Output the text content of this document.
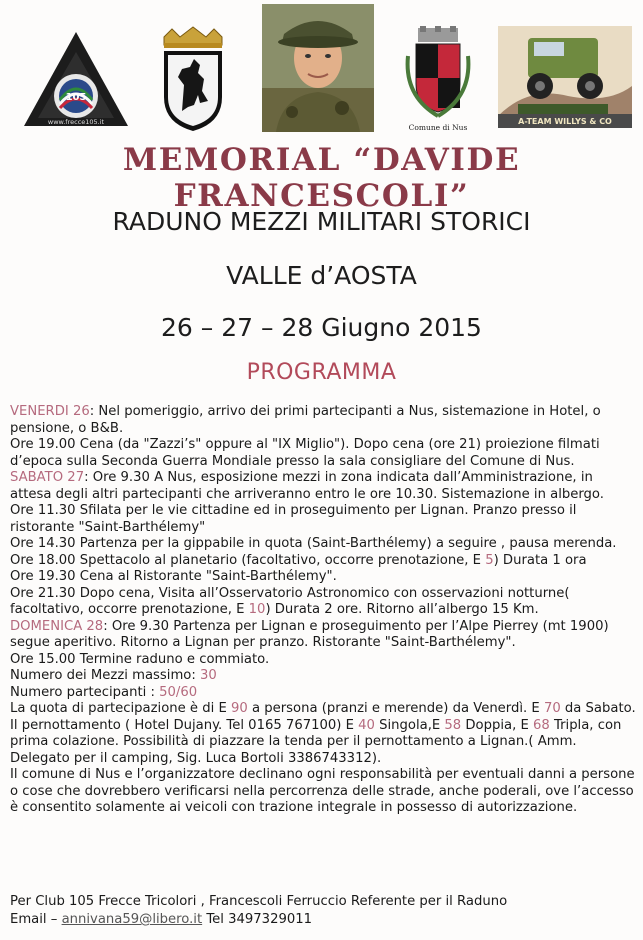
105
www.frecce105.it
Comune di Nus
A-TEAM WILLYS & CO
MEMORIAL “DAVIDE FRANCESCOLI”
RADUNO MEZZI MILITARI STORICI
VALLE d’AOSTA
26 – 27 – 28 Giugno 2015
PROGRAMMA

VENERDI 26: Nel pomeriggio, arrivo dei primi partecipanti a Nus, sistemazione in Hotel, o pensione, o B&B.

Ore 19.00 Cena (da "Zazzi’s" oppure al "IX Miglio"). Dopo cena (ore 21) proiezione filmati d’epoca sulla Seconda Guerra Mondiale presso la sala consigliare del Comune di Nus.

SABATO 27: Ore 9.30 A Nus, esposizione mezzi in zona indicata dall’Amministrazione, in attesa degli altri partecipanti che arriveranno entro le ore 10.30. Sistemazione in albergo.

Ore 11.30 Sfilata per le vie cittadine ed in proseguimento per Lignan. Pranzo presso il ristorante "Saint-Barthélemy"

Ore 14.30 Partenza per la gippabile in quota (Saint-Barthélemy) a seguire , pausa merenda.

Ore 18.00 Spettacolo al planetario (facoltativo, occorre prenotazione, E 5) Durata 1 ora

Ore 19.30 Cena al Ristorante "Saint-Barthélemy".

Ore 21.30 Dopo cena, Visita all’Osservatorio Astronomico con osservazioni notturne( facoltativo, occorre prenotazione, E 10) Durata 2 ore. Ritorno all’albergo 15 Km.

DOMENICA 28: Ore 9.30 Partenza per Lignan e proseguimento per l’Alpe Pierrey (mt 1900) segue aperitivo. Ritorno a Lignan per pranzo. Ristorante "Saint-Barthélemy".

Ore 15.00 Termine raduno e commiato.

Numero dei Mezzi massimo: 30

Numero partecipanti : 50/60

La quota di partecipazione è di E 90 a persona (pranzi e merende) da Venerdì. E 70 da Sabato.

Il pernottamento ( Hotel Dujany. Tel 0165 767100) E 40 Singola,E 58 Doppia, E 68 Tripla, con prima colazione. Possibilità di piazzare la tenda per il pernottamento a Lignan.( Amm. Delegato per il camping, Sig. Luca Bortoli 3386743312).

Il comune di Nus e l’organizzatore declinano ogni responsabilità per eventuali danni a persone o cose che dovrebbero verificarsi nella percorrenza delle strade, anche poderali, ove l’accesso è consentito solamente ai veicoli con trazione integrale in possesso di autorizzazione.

Per Club 105 Frecce Tricolori , Francescoli Ferruccio Referente per il Raduno
Email – annivana59@libero.it Tel 3497329011
